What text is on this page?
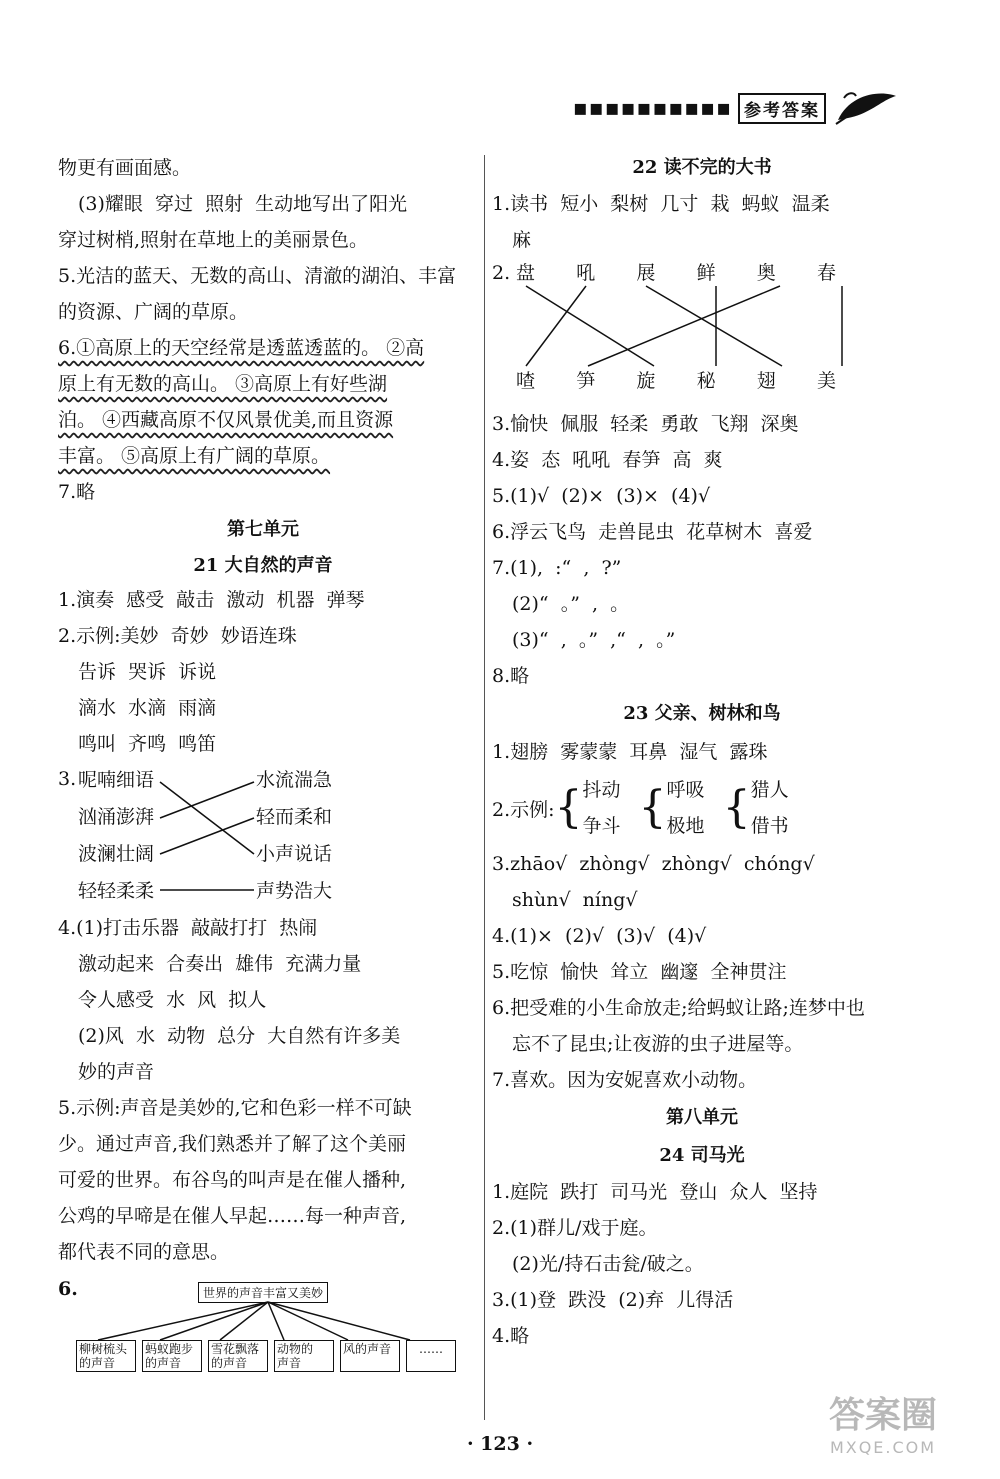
▪▪▪▪▪▪▪▪▪▪ 参考答案
物更有画面感。
(3)耀眼  穿过  照射  生动地写出了阳光
穿过树梢,照射在草地上的美丽景色。
5.光洁的蓝天、无数的高山、清澈的湖泊、丰富
的资源、广阔的草原。
6.①高原上的天空经常是透蓝透蓝的。 ②高
原上有无数的高山。 ③高原上有好些湖
泊。 ④西藏高原不仅风景优美,而且资源
丰富。 ⑤高原上有广阔的草原。
7.略
第七单元
21 大自然的声音
1.演奏  感受  敲击  激动  机器  弹琴
2.示例:美妙  奇妙  妙语连珠
告诉  哭诉  诉说
滴水  水滴  雨滴
鸣叫  齐鸣  鸣笛
3. 呢喃细语
汹涌澎湃
波澜壮阔
轻轻柔柔
水流湍急
轻而柔和
小声说话
声势浩大
4.(1)打击乐器  敲敲打打  热闹
激动起来  合奏出  雄伟  充满力量
令人感受  水  风  拟人
(2)风  水  动物  总分  大自然有许多美
妙的声音
5.示例:声音是美妙的,它和色彩一样不可缺
少。通过声音,我们熟悉并了解了这个美丽
可爱的世界。布谷鸟的叫声是在催人播种,
公鸡的早啼是在催人早起……每一种声音,
都代表不同的意思。
6.	世界的声音丰富又美妙
柳树梳头
的声音
蚂蚁跑步
的声音
雪花飘落
的声音
动物的
声音
风的声音	……
22 读不完的大书
1.读书  短小  梨树  几寸  栽  蚂蚁  温柔
麻
2. 盘 吼 展 鲜 奥 春
喳 笋 旋 秘 翅 美
3.愉快  佩服  轻柔  勇敢  飞翔  深奥
4.姿  态  吼吼  春笋  高  爽
5.(1)√  (2)×  (3)×  (4)√
6.浮云飞鸟  走兽昆虫  花草树木  喜爱
7.(1),  :“  ,  ?”
(2)“  。”  ,  。
(3)“  ,  。”  ,“  ,  。”
8.略
23 父亲、树林和鸟
1.翅膀  雾蒙蒙  耳鼻  湿气  露珠
2.示例: { 抖动
争斗 { 呼吸
极地 { 猎人
借书
3.zhāo√  zhòng√  zhòng√  chóng√
shùn√  níng√
4.(1)×  (2)√  (3)√  (4)√
5.吃惊  愉快  耸立  幽邃  全神贯注
6.把受难的小生命放走;给蚂蚁让路;连梦中也
忘不了昆虫;让夜游的虫子进屋等。
7.喜欢。因为安妮喜欢小动物。
第八单元
24 司马光
1.庭院  跌打  司马光  登山  众人  坚持
2.(1)群儿/戏于庭。
(2)光/持石击瓮/破之。
3.(1)登  跌没  (2)弃  儿得活
4.略
· 123 ·
答案圈
MXQE.COM
